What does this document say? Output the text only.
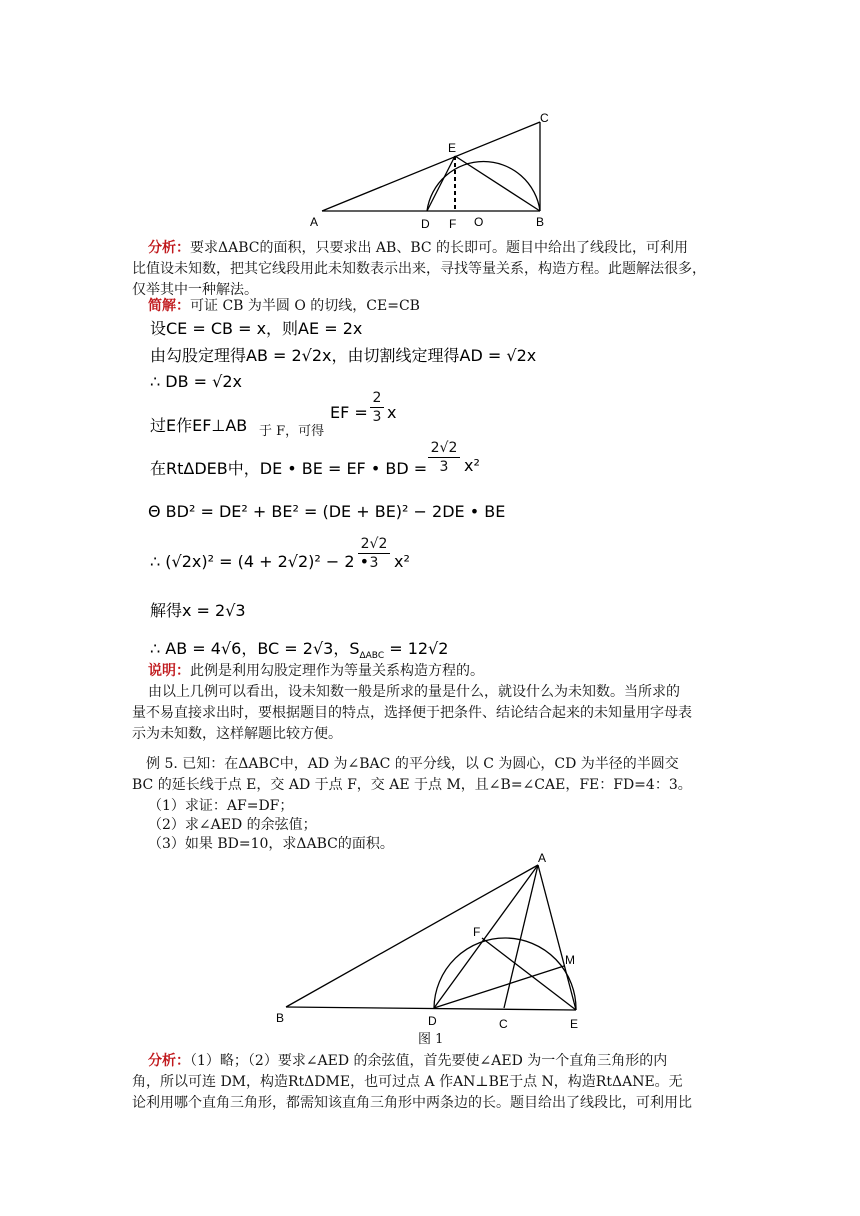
A	B
C
D
E
F O
分析：要求ΔABC的面积，只要求出 AB、BC 的长即可。题目中给出了线段比，可利用
比值设未知数，把其它线段用此未知数表示出来，寻找等量关系，构造方程。此题解法很多，
仅举其中一种解法。
简解：可证 CB 为半圆 O 的切线，CE=CB
设CE = CB = x，则AE = 2x
由勾股定理得AB = 2√2x，由切割线定理得AD = √2x
∴ DB = √2x
过E作EF⊥AB 于 F，可得
EF =
2
3 x
在RtΔDEB中，DE • BE = EF • BD =
2√2
3 x²
Θ BD² = DE² + BE² = (DE + BE)² − 2DE • BE
∴ (√2x)² = (4 + 2√2)² − 2 •
2√2
3 x²
解得x = 2√3
∴ AB = 4√6，BC = 2√3，$S_{\Delta ABC} = 12√2$
说明：此例是利用勾股定理作为等量关系构造方程的。
由以上几例可以看出，设未知数一般是所求的量是什么，就设什么为未知数。当所求的
量不易直接求出时，要根据题目的特点，选择便于把条件、结论结合起来的未知量用字母表
示为未知数，这样解题比较方便。
例 5. 已知：在ΔABC中，AD 为∠BAC 的平分线，以 C 为圆心，CD 为半径的半圆交
BC 的延长线于点 E，交 AD 于点 F，交 AE 于点 M，且∠B=∠CAE，FE：FD=4：3。
（1）求证：AF=DF；
（2）求∠AED 的余弦值；
（3）如果 BD=10，求ΔABC的面积。
A
B	C
D	E
F
M
图 1
分析：（1）略；（2）要求∠AED 的余弦值，首先要使∠AED 为一个直角三角形的内
角，所以可连 DM，构造RtΔDME，也可过点 A 作AN⊥BE于点 N，构造RtΔANE。无
论利用哪个直角三角形，都需知该直角三角形中两条边的长。题目给出了线段比，可利用比
